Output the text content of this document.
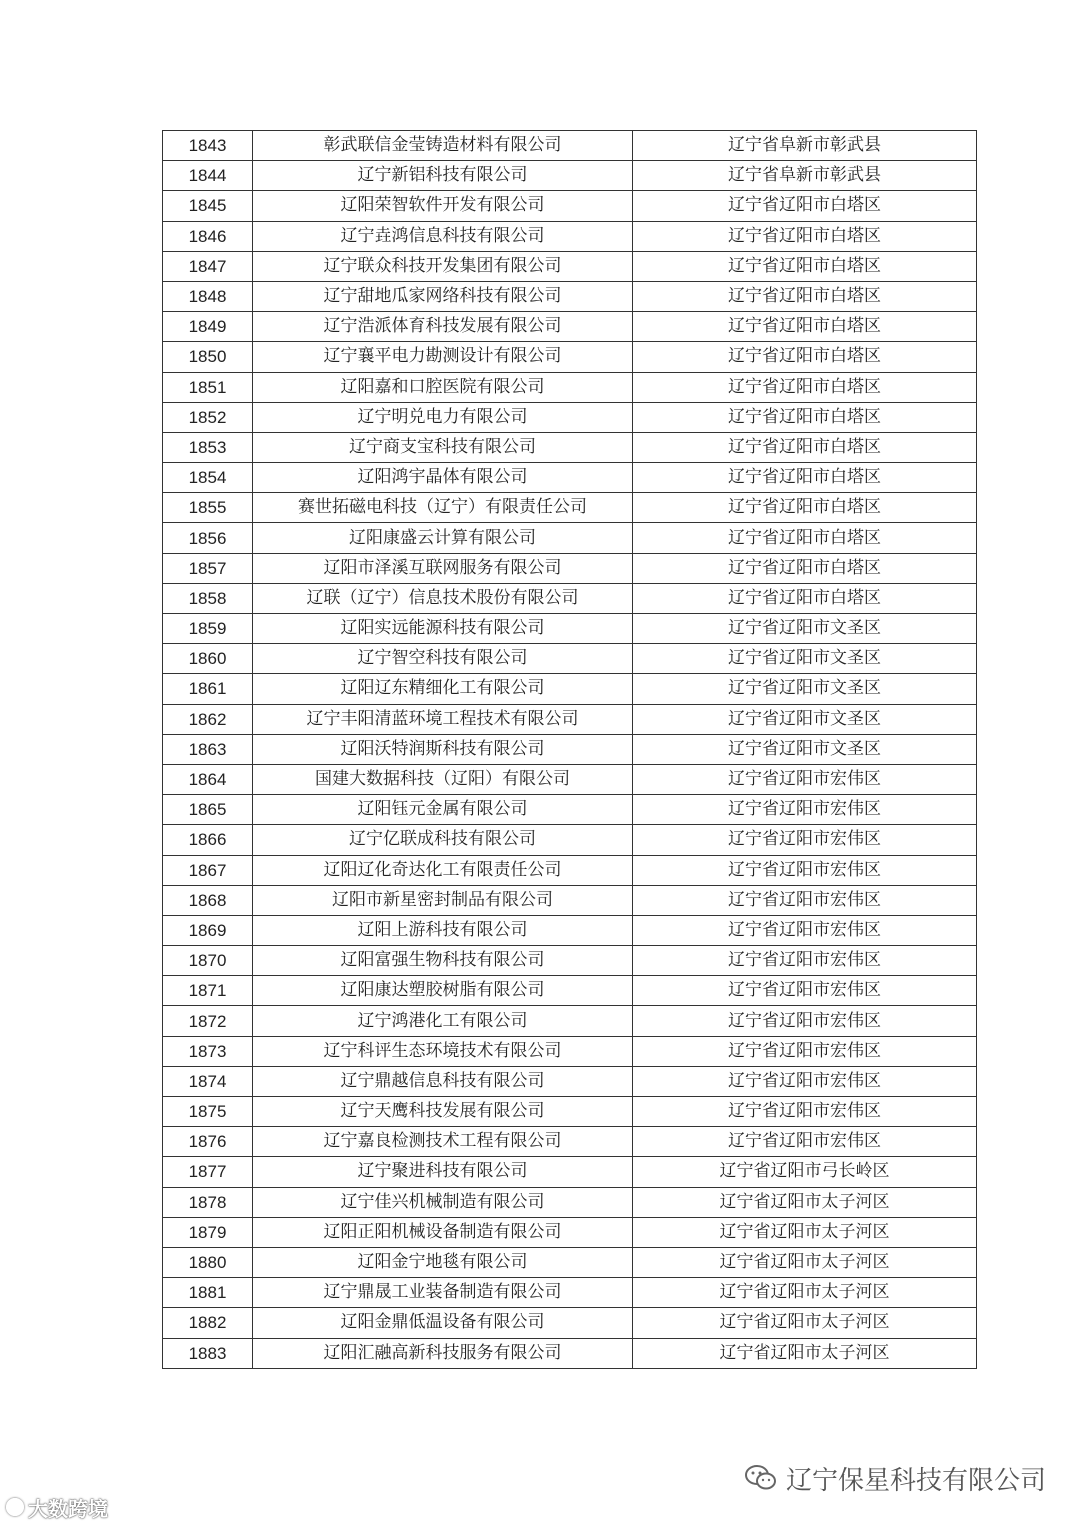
1843	彰武联信金莹铸造材料有限公司	辽宁省阜新市彰武县
1844	辽宁新铝科技有限公司	辽宁省阜新市彰武县
1845	辽阳荣智软件开发有限公司	辽宁省辽阳市白塔区
1846	辽宁垚鸿信息科技有限公司	辽宁省辽阳市白塔区
1847	辽宁联众科技开发集团有限公司	辽宁省辽阳市白塔区
1848	辽宁甜地瓜家网络科技有限公司	辽宁省辽阳市白塔区
1849	辽宁浩派体育科技发展有限公司	辽宁省辽阳市白塔区
1850	辽宁襄平电力勘测设计有限公司	辽宁省辽阳市白塔区
1851	辽阳嘉和口腔医院有限公司	辽宁省辽阳市白塔区
1852	辽宁明兑电力有限公司	辽宁省辽阳市白塔区
1853	辽宁商支宝科技有限公司	辽宁省辽阳市白塔区
1854	辽阳鸿宇晶体有限公司	辽宁省辽阳市白塔区
1855	赛世拓磁电科技（辽宁）有限责任公司	辽宁省辽阳市白塔区
1856	辽阳康盛云计算有限公司	辽宁省辽阳市白塔区
1857	辽阳市泽溪互联网服务有限公司	辽宁省辽阳市白塔区
1858	辽联（辽宁）信息技术股份有限公司	辽宁省辽阳市白塔区
1859	辽阳实远能源科技有限公司	辽宁省辽阳市文圣区
1860	辽宁智空科技有限公司	辽宁省辽阳市文圣区
1861	辽阳辽东精细化工有限公司	辽宁省辽阳市文圣区
1862	辽宁丰阳清蓝环境工程技术有限公司	辽宁省辽阳市文圣区
1863	辽阳沃特润斯科技有限公司	辽宁省辽阳市文圣区
1864	国建大数据科技（辽阳）有限公司	辽宁省辽阳市宏伟区
1865	辽阳钰元金属有限公司	辽宁省辽阳市宏伟区
1866	辽宁亿联成科技有限公司	辽宁省辽阳市宏伟区
1867	辽阳辽化奇达化工有限责任公司	辽宁省辽阳市宏伟区
1868	辽阳市新星密封制品有限公司	辽宁省辽阳市宏伟区
1869	辽阳上游科技有限公司	辽宁省辽阳市宏伟区
1870	辽阳富强生物科技有限公司	辽宁省辽阳市宏伟区
1871	辽阳康达塑胶树脂有限公司	辽宁省辽阳市宏伟区
1872	辽宁鸿港化工有限公司	辽宁省辽阳市宏伟区
1873	辽宁科评生态环境技术有限公司	辽宁省辽阳市宏伟区
1874	辽宁鼎越信息科技有限公司	辽宁省辽阳市宏伟区
1875	辽宁天鹰科技发展有限公司	辽宁省辽阳市宏伟区
1876	辽宁嘉良检测技术工程有限公司	辽宁省辽阳市宏伟区
1877	辽宁聚进科技有限公司	辽宁省辽阳市弓长岭区
1878	辽宁佳兴机械制造有限公司	辽宁省辽阳市太子河区
1879	辽阳正阳机械设备制造有限公司	辽宁省辽阳市太子河区
1880	辽阳金宁地毯有限公司	辽宁省辽阳市太子河区
1881	辽宁鼎晟工业装备制造有限公司	辽宁省辽阳市太子河区
1882	辽阳金鼎低温设备有限公司	辽宁省辽阳市太子河区
1883	辽阳汇融高新科技服务有限公司	辽宁省辽阳市太子河区
大数跨境
辽宁保星科技有限公司
